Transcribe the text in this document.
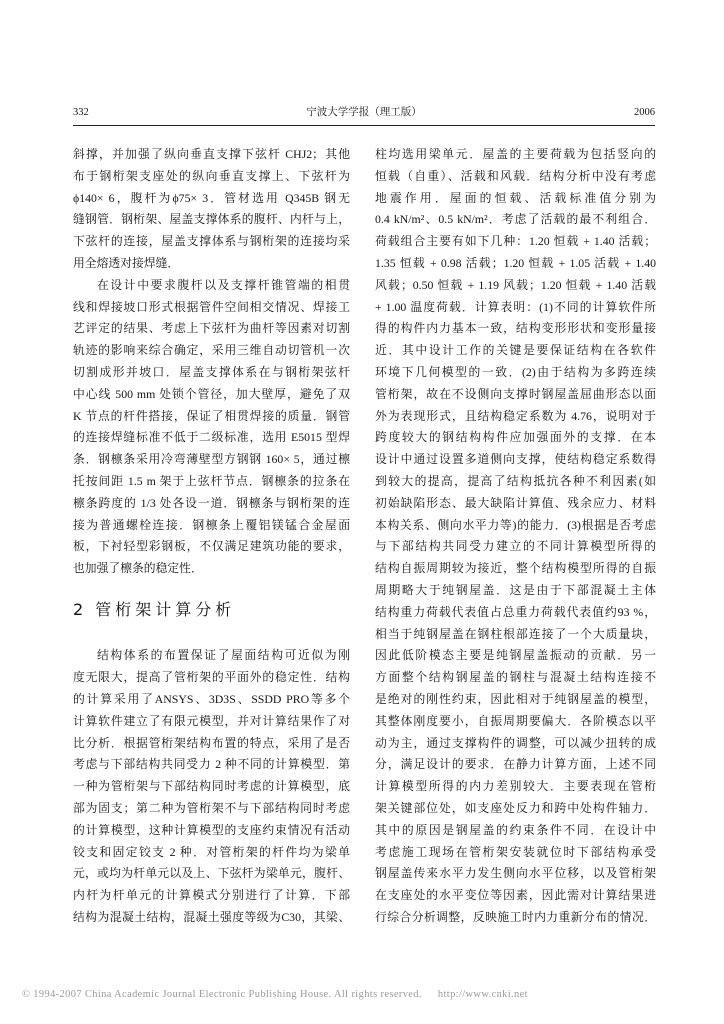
332	宁波大学学报（理工版）	2006
斜撑，并加强了纵向垂直支撑下弦杆 CHJ2；其他
布于钢桁架支座处的纵向垂直支撑上、下弦杆为
ϕ140× 6，腹杆为ϕ75× 3．管材选用 Q345B 钢无
缝钢管．钢桁架、屋盖支撑体系的腹杆、内杆与上，
下弦杆的连接，屋盖支撑体系与钢桁架的连接均采
用全熔透对接焊缝．
在设计中要求腹杆以及支撑杆锥管端的相贯
线和焊接坡口形式根据管件空间相交情况、焊接工
艺评定的结果、考虑上下弦杆为曲杆等因素对切割
轨迹的影响来综合确定，采用三维自动切管机一次
切割成形并坡口．屋盖支撑体系在与钢桁架弦杆
中心线 500 mm 处锁个管径，加大壁厚，避免了双
K 节点的杆件搭接，保证了相贯焊接的质量．钢管
的连接焊缝标准不低于二级标准，选用 E5015 型焊
条．钢檩条采用冷弯薄壁型方钢钢 160× 5，通过檩
托按间距 1.5 m 架于上弦杆节点．钢檩条的拉条在
檩条跨度的 1/3 处各设一道．钢檩条与钢桁架的连
接为普通螺栓连接．钢檩条上覆铝镁锰合金屋面
板，下衬轻型彩钢板，不仅满足建筑功能的要求，
也加强了檩条的稳定性．
2 管桁架计算分析
结构体系的布置保证了屋面结构可近似为刚
度无限大，提高了管桁架的平面外的稳定性．结构
的计算采用了ANSYS、3D3S、SSDD PRO等多个
计算软件建立了有限元模型，并对计算结果作了对
比分析．根据管桁架结构布置的特点，采用了是否
考虑与下部结构共同受力 2 种不同的计算模型．第
一种为管桁架与下部结构同时考虑的计算模型，底
部为固支；第二种为管桁架不与下部结构同时考虑
的计算模型，这种计算模型的支座约束情况有活动
铰支和固定铰支 2 种．对管桁架的杆件均为梁单
元，或均为杆单元以及上、下弦杆为梁单元，腹杆、
内杆为杆单元的计算模式分别进行了计算．下部
结构为混凝土结构，混凝土强度等级为C30，其梁、
柱均选用梁单元．屋盖的主要荷载为包括竖向的
恒载（自重）、活载和风载．结构分析中没有考虑
地震作用．屋面的恒载、活载标准值分别为
0.4 kN/m²、0.5 kN/m²．考虑了活载的最不利组合．
荷载组合主要有如下几种：1.20 恒载 + 1.40 活载；
1.35 恒载 + 0.98 活载；1.20 恒载 + 1.05 活载 + 1.40
风载；0.50 恒载 + 1.19 风载；1.20 恒载 + 1.40 活载
+ 1.00 温度荷载．计算表明：(1)不同的计算软件所
得的构件内力基本一致，结构变形形状和变形量接
近．其中设计工作的关键是要保证结构在各软件
环境下几何模型的一致．(2)由于结构为多跨连续
管桁架，故在不设侧向支撑时钢屋盖屈曲形态以面
外为表现形式，且结构稳定系数为 4.76，说明对于
跨度较大的钢结构构件应加强面外的支撑．在本
设计中通过设置多道侧向支撑，使结构稳定系数得
到较大的提高，提高了结构抵抗各种不利因素(如
初始缺陷形态、最大缺陷计算值、残余应力、材料
本构关系、侧向水平力等)的能力．(3)根据是否考虑
与下部结构共同受力建立的不同计算模型所得的
结构自振周期较为接近，整个结构模型所得的自振
周期略大于纯钢屋盖．这是由于下部混凝土主体
结构重力荷载代表值占总重力荷载代表值约93 %，
相当于纯钢屋盖在钢柱根部连接了一个大质量块，
因此低阶模态主要是纯钢屋盖振动的贡献．另一
方面整个结构钢屋盖的钢柱与混凝土结构连接不
是绝对的刚性约束，因此相对于纯钢屋盖的模型，
其整体刚度要小，自振周期要偏大．各阶模态以平
动为主，通过支撑构件的调整，可以减少扭转的成
分，满足设计的要求．在静力计算方面，上述不同
计算模型所得的内力差别较大．主要表现在管桁
架关键部位处，如支座处反力和跨中处构件轴力．
其中的原因是钢屋盖的约束条件不同．在设计中
考虑施工现场在管桁架安装就位时下部结构承受
钢屋盖传来水平力发生侧向水平位移，以及管桁架
在支座处的水平变位等因素，因此需对计算结果进
行综合分析调整，反映施工时内力重新分布的情况．
© 1994-2007 China Academic Journal Electronic Publishing House. All rights reserved. http://www.cnki.net
